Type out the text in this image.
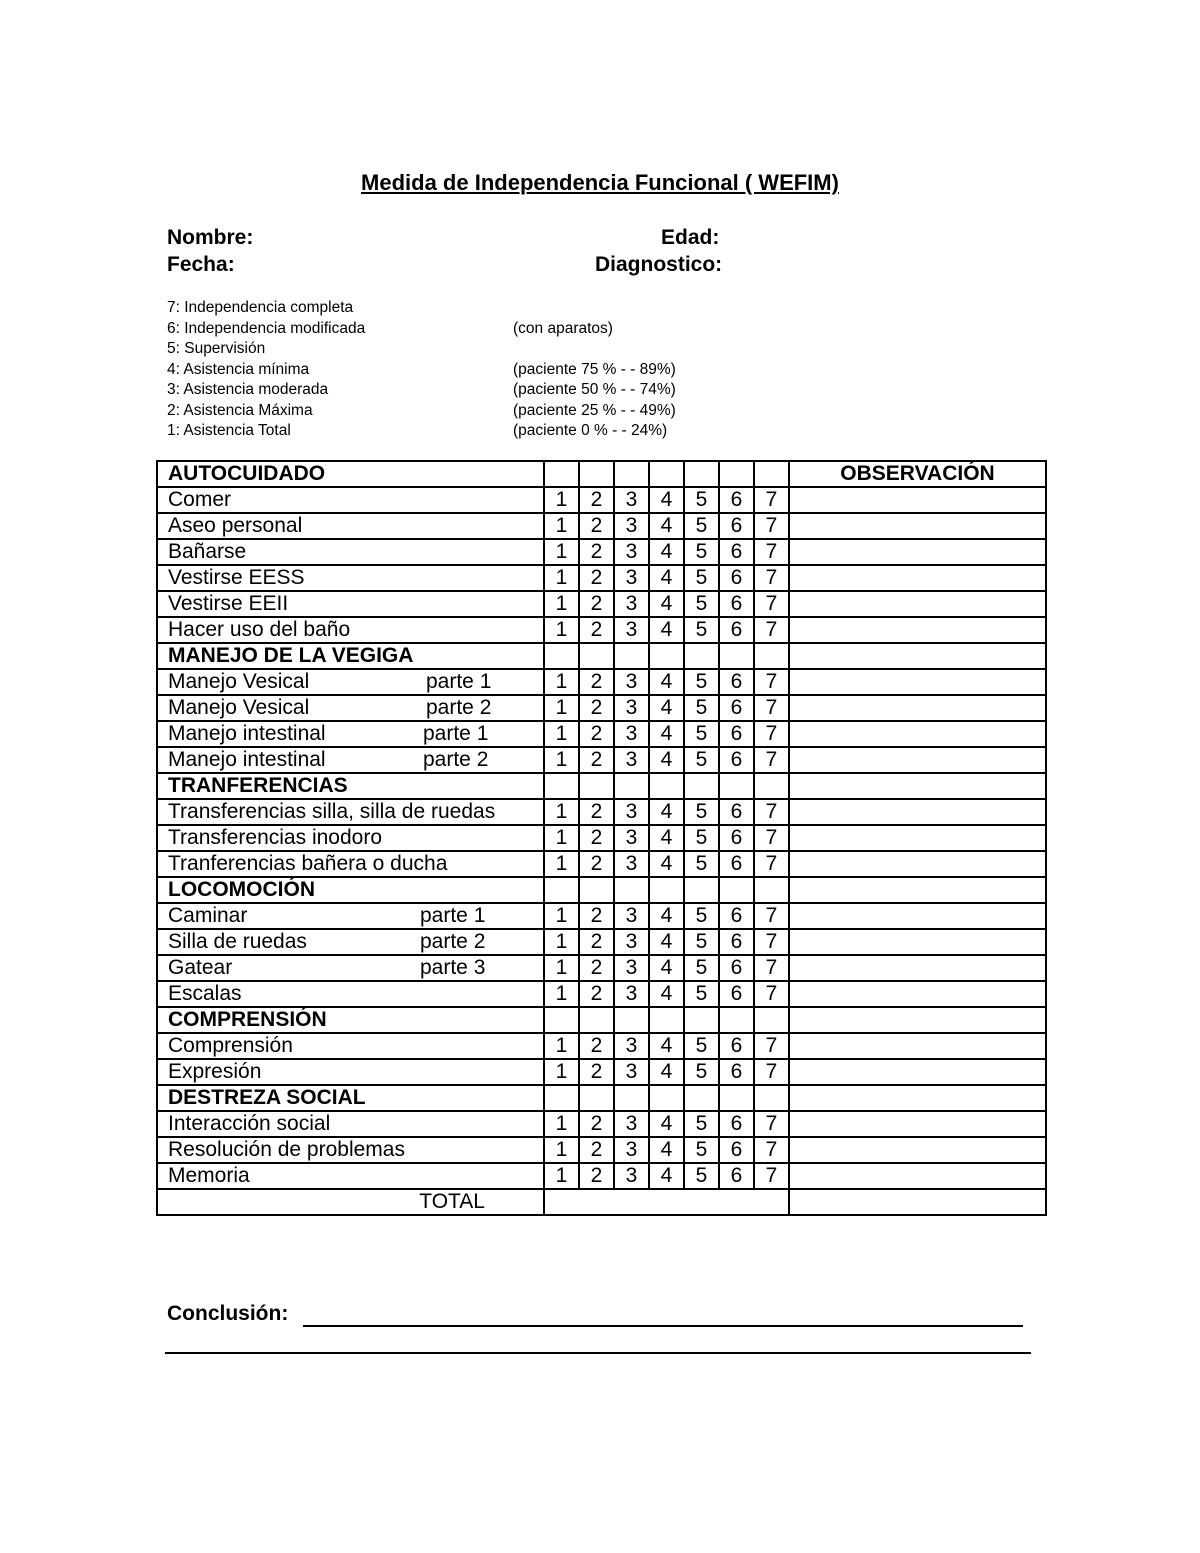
Medida de Independencia Funcional ( WEFIM)
Nombre:	Edad:
Fecha:	Diagnostico:
7: Independencia completa
6: Independencia modificada	(con aparatos)
5: Supervisión
4: Asistencia mínima	(paciente 75 % - - 89%)
3: Asistencia moderada	(paciente 50 % - - 74%)
2: Asistencia Máxima	(paciente 25 % - - 49%)
1: Asistencia Total	(paciente 0 % - - 24%)
AUTOCUIDADO								OBSERVACIÓN
Comer	1	2	3	4	5	6	7	
Aseo personal	1	2	3	4	5	6	7	
Bañarse	1	2	3	4	5	6	7	
Vestirse EESS	1	2	3	4	5	6	7	
Vestirse EEII	1	2	3	4	5	6	7	
Hacer uso del baño	1	2	3	4	5	6	7	
MANEJO DE LA VEGIGA								

Manejo Vesical parte 1	1	2	3	4	5	6	7	

Manejo Vesical parte 2	1	2	3	4	5	6	7	

Manejo intestinal parte 1	1	2	3	4	5	6	7	

Manejo intestinal parte 2	1	2	3	4	5	6	7	
TRANFERENCIAS								
Transferencias silla, silla de ruedas	1	2	3	4	5	6	7	
Transferencias inodoro	1	2	3	4	5	6	7	
Tranferencias bañera o ducha	1	2	3	4	5	6	7	
LOCOMOCIÓN								

Caminar parte 1	1	2	3	4	5	6	7	

Silla de ruedas parte 2	1	2	3	4	5	6	7	

Gatear parte 3	1	2	3	4	5	6	7	
Escalas	1	2	3	4	5	6	7	
COMPRENSIÓN								
Comprensión	1	2	3	4	5	6	7	
Expresión	1	2	3	4	5	6	7	
DESTREZA SOCIAL								
Interacción social	1	2	3	4	5	6	7	
Resolución de problemas	1	2	3	4	5	6	7	
Memoria	1	2	3	4	5	6	7	
TOTAL								
Conclusión:
